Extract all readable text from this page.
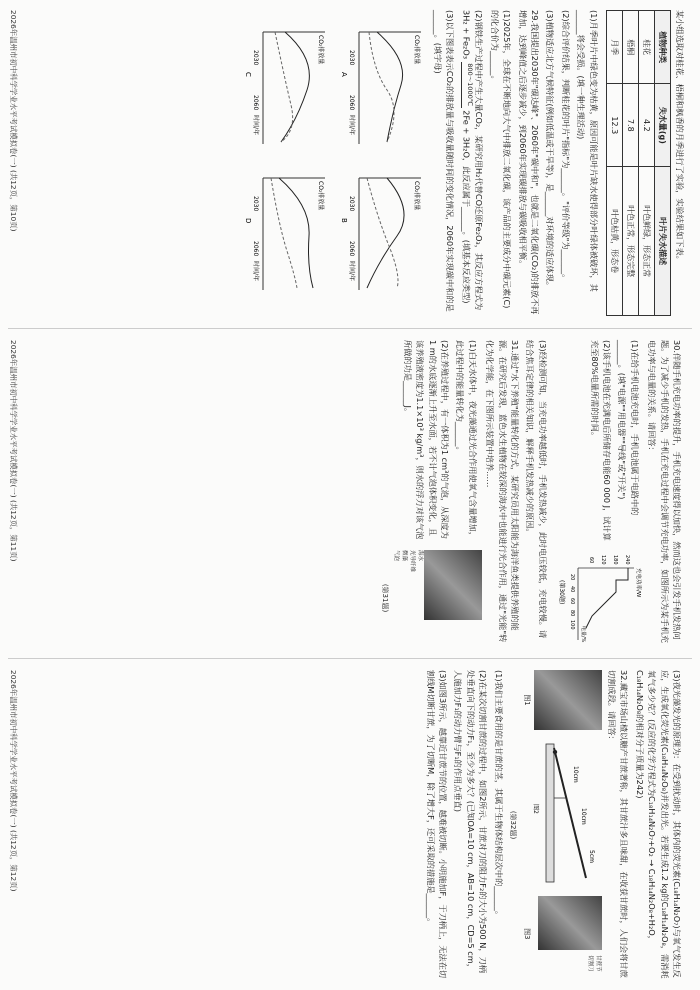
某小组选取对桂花、梧桐和枫香的月季进行了实验，实验结果如下表。

植物种类	失水量(g)	叶片失水描述
桂花	4.2	叶色鲜绿，形态正常
梧桐	7.8	叶色正常，形态完整
月季	12.3	叶色枯黄，形态卷

(1)月季叶片中绿色变为枯黄，原因可能是叶片缺水使得部分叶绿体被破坏，其______将会受损。(填一种生理活动)

(2)综合评价结果，判断桂花的叶片"指标"为______。"评价等级"为______。

(3)植物适应北方气候特征(例如低温或干旱等)，是______对环境的适应体现。

29.我国提出2030年"碳达峰"、2060年"碳中和"，也就是二氧化碳(CO₂)的排放不再增加，达到峰值之后逐步减少，到2060年实现碳排放与碳吸收相平衡。

(1)2025年，全球在不断地向大气中排放二氧化碳，该产品的主要成分中碳元素(C)的化合价为______。

(2)钢铁生产过程中产生大量CO₂，某研究用H₂代替CO还原Fe₂O₃，其反应方程式为 3H₂ + Fe₂O₃ 800～1000℃
2Fe + 3H₂O，此反应属于______。(填基本反应类型)

(3)以下图表表示CO₂的排放量与吸收量随时间的变化情况，2060年实现碳中和的是______。(填字母)

CO₂排放量
2030
2060
时间/年
A
CO₂排放量
2030
2060
时间/年
B
CO₂排放量
2030
2060
时间/年
C
CO₂排放量
2030
2060
时间/年
D
2026年温州市初中科学学业水平考试模拟卷(一) (共12页，第10页)

30.伴随手机充电功率的提升，手机充电速度得以加快，然而这也会引发手机发热问题。为了减少手机的发热，手机在充电过程中会调节充电功率，如图所示为某手机充电功率与电量的关系。请回答：

(1)在给手机电池充电时，手机电池属于电路中的______。(填"电源""用电器""导线"或"开关")

(2)该手机电池在充满电后所储存电能60 000 J，试计算充至80%电量所需的时间。

充电功率/W
240
180
120
60
20
40
60
80
100
电量/%
(第30题)

(3)经检测可知，当充电功率越低时，手机发热减少，此时电压较低，充电较慢。请结合焦耳定律的相关知识，解释手机发热减少的原因。

31.通过"水下养殖"能量转化的方式，某研究员用太阳能为海洋鱼类提供养殖的能源。在研究后发现，蓝色水生植物在较深的海水中也能进行光合作用，通过"光能"转化为化学能，在下图所示装置中培养……

(1)白天水体中，夜光藻通过光合作用使氧气含量增加，此过程中的能量转化为______。

(2)在养殖过程中，有一体积为1 cm³的气泡，从深度为1 m的水底逐渐上升至水面，若不计气泡体积变化，且该养殖液密度为1.1×10³ kg/m³，则水的浮力对该气泡所做的功是______J。

海水
光导纤维
微藻
气泡
(第31题)
2026年温州市初中科学学业水平考试模拟卷(一) (共12页，第11页)

(3)夜光藻发光的原理为：在受到扰动时，其体内的荧光素(C₁₈H₁₄N₂O₇)与氧气发生反应，生成氧化荧光素(C₁₈H₁₄N₂O₈)并发出光。若要生成1.2 kg的C₁₈H₁₄N₂O₈，需消耗氧气多少克？(反应的化学方程式为C₁₈H₁₄N₂O₇+O₂ → C₁₈H₁₄N₂O₈+H₂O，C₁₈H₁₄N₂O₈的相对分子质量为242)

32.藏宝市场山楂以糖产甘蔗著称，其甘蔗汁多且味甜，在收获甘蔗时，人们会将甘蔗切割成段。请回答：

图1
10cm
10cm
5cm
图2

甘蔗节
切割刀
图3
(第32题)

(1)我们主要食用的是甘蔗的茎，其属于生物体结构层次中的______。

(2)在某次切割甘蔗的过程中，如图2所示，甘蔗对刀的阻力F₂的大小为500 N，刀柄处垂直向下的动力F₁，至少为多大？(已知OA=10 cm，AB=10 cm，CD=5 cm，人施加力F₁的动力臂与F₁的作用点垂直)

(3)如图3所示，越靠近甘蔗节的位置，越难被切断。小明施加F，于刀柄上，无法在切割线M切断甘蔗，为了切断M，除了增大F，还可采取的措施是______。

2026年温州市初中科学学业水平考试模拟卷(一) (共12页，第12页)
